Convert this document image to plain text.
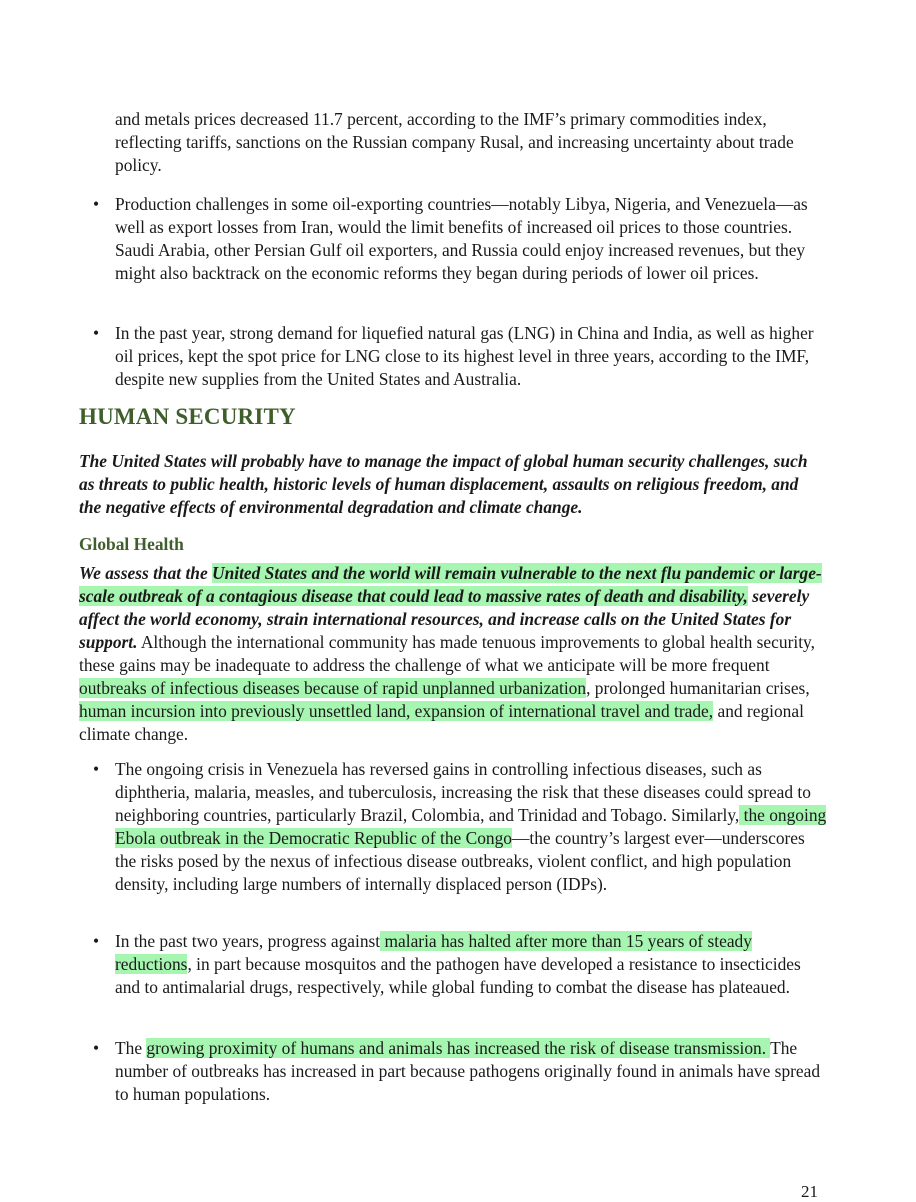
and metals prices decreased 11.7 percent, according to the IMF’s primary commodities index, reflecting tariffs, sanctions on the Russian company Rusal, and increasing uncertainty about trade policy.

• Production challenges in some oil-exporting countries—notably Libya, Nigeria, and Venezuela—as well as export losses from Iran, would the limit benefits of increased oil prices to those countries. Saudi Arabia, other Persian Gulf oil exporters, and Russia could enjoy increased revenues, but they might also backtrack on the economic reforms they began during periods of lower oil prices.

• In the past year, strong demand for liquefied natural gas (LNG) in China and India, as well as higher oil prices, kept the spot price for LNG close to its highest level in three years, according to the IMF, despite new supplies from the United States and Australia.

HUMAN SECURITY

The United States will probably have to manage the impact of global human security challenges, such as threats to public health, historic levels of human displacement, assaults on religious freedom, and the negative effects of environmental degradation and climate change.

Global Health

We assess that the United States and the world will remain vulnerable to the next flu pandemic or large-scale outbreak of a contagious disease that could lead to massive rates of death and disability, severely affect the world economy, strain international resources, and increase calls on the United States for support. Although the international community has made tenuous improvements to global health security, these gains may be inadequate to address the challenge of what we anticipate will be more frequent outbreaks of infectious diseases because of rapid unplanned urbanization, prolonged humanitarian crises, human incursion into previously unsettled land, expansion of international travel and trade, and regional climate change.

• The ongoing crisis in Venezuela has reversed gains in controlling infectious diseases, such as diphtheria, malaria, measles, and tuberculosis, increasing the risk that these diseases could spread to neighboring countries, particularly Brazil, Colombia, and Trinidad and Tobago. Similarly, the ongoing Ebola outbreak in the Democratic Republic of the Congo—the country’s largest ever—underscores the risks posed by the nexus of infectious disease outbreaks, violent conflict, and high population density, including large numbers of internally displaced person (IDPs).

• In the past two years, progress against malaria has halted after more than 15 years of steady reductions, in part because mosquitos and the pathogen have developed a resistance to insecticides and to antimalarial drugs, respectively, while global funding to combat the disease has plateaued.

• The growing proximity of humans and animals has increased the risk of disease transmission. The number of outbreaks has increased in part because pathogens originally found in animals have spread to human populations.

21
